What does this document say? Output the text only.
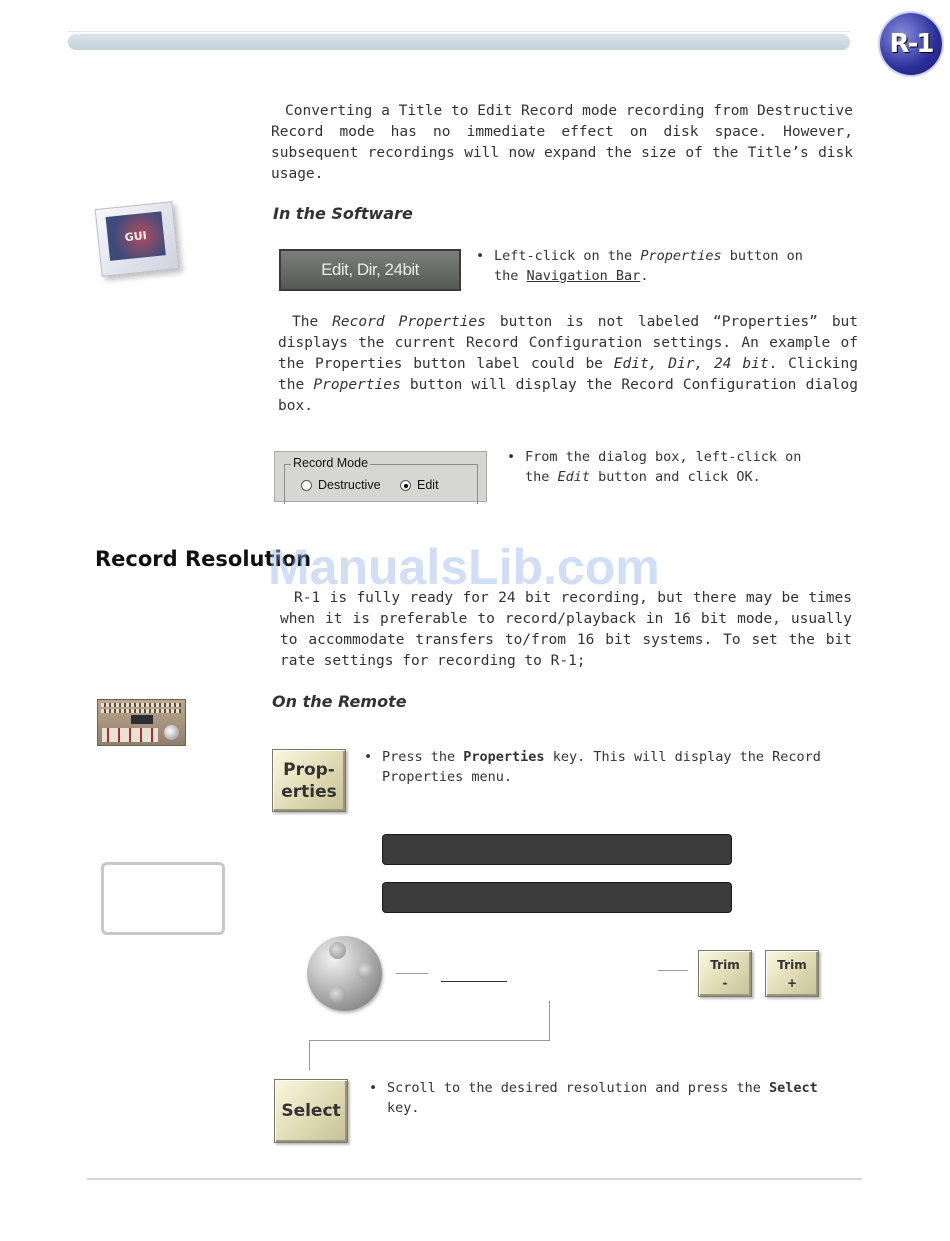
R-1

Converting a Title to Edit Record mode recording from Destructive Record mode has no immediate effect on disk space. However, subsequent recordings will now expand the size of the Title’s disk usage.

GUI
In the Software
Edit, Dir, 24bit
• Left-click on the Properties button on the Navigation Bar.

The Record Properties button is not labeled “Properties” but displays the current Record Configuration settings. An example of the Properties button label could be Edit, Dir, 24 bit. Clicking the Properties button will display the Record Configuration dialog box.

Record Mode
Destructive	Edit
• From the dialog box, left-click on the Edit button and click OK.
Record Resolution
ManualsLib.com

R-1 is fully ready for 24 bit recording, but there may be times when it is preferable to record/playback in 16 bit mode, usually to accommodate transfers to/from 16 bit systems. To set the bit rate settings for recording to R-1;

On the Remote
Prop-
erties
• Press the Properties key. This will display the Record Properties menu.
Trim
-
Trim
+
Select
• Scroll to the desired resolution and press the Select key.
